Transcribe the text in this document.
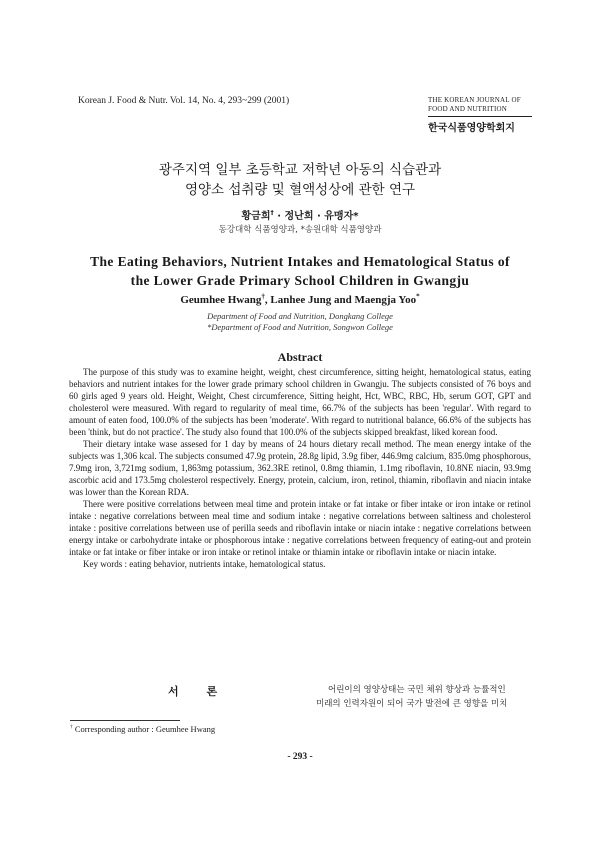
Korean J. Food & Nutr. Vol. 14, No. 4, 293~299 (2001)	THE KOREAN JOURNAL OF
FOOD AND NUTRITION
한국식품영양학회지
광주지역 일부 초등학교 저학년 아동의 식습관과
영양소 섭취량 및 혈액성상에 관한 연구
황금희† · 정난희 · 유맹자*
동강대학 식품영양과, *송원대학 식품영양과
The Eating Behaviors, Nutrient Intakes and Hematological Status of
the Lower Grade Primary School Children in Gwangju
Geumhee Hwang†, Lanhee Jung and Maengja Yoo*
Department of Food and Nutrition, Dongkang College
*Department of Food and Nutrition, Songwon College
Abstract

The purpose of this study was to examine height, weight, chest circumference, sitting height, hematological status, eating behaviors and nutrient intakes for the lower grade primary school children in Gwangju. The subjects consisted of 76 boys and 60 girls aged 9 years old. Height, Weight, Chest circumference, Sitting height, Hct, WBC, RBC, Hb, serum GOT, GPT and cholesterol were measured. With regard to regularity of meal time, 66.7% of the subjects has been 'regular'. With regard to amount of eaten food, 100.0% of the subjects has been 'moderate'. With regard to nutritional balance, 66.6% of the subjects has been 'think, but do not practice'. The study also found that 100.0% of the subjects skipped breakfast, liked korean food.

Their dietary intake wase assesed for 1 day by means of 24 hours dietary recall method. The mean energy intake of the subjects was 1,306 kcal. The subjects consumed 47.9g protein, 28.8g lipid, 3.9g fiber, 446.9mg calcium, 835.0mg phosphorous, 7.9mg iron, 3,721mg sodium, 1,863mg potassium, 362.3RE retinol, 0.8mg thiamin, 1.1mg riboflavin, 10.8NE niacin, 93.9mg ascorbic acid and 173.5mg cholesterol respectively. Energy, protein, calcium, iron, retinol, thiamin, riboflavin and niacin intake was lower than the Korean RDA.

There were positive correlations between meal time and protein intake or fat intake or fiber intake or iron intake or retinol intake : negative correlations between meal time and sodium intake : negative correlations between saltiness and cholesterol intake : positive correlations between use of perilla seeds and riboflavin intake or niacin intake : negative correlations between energy intake or carbohydrate intake or phosphorous intake : negative correlations between frequency of eating-out and protein intake or fat intake or fiber intake or iron intake or retinol intake or thiamin intake or riboflavin intake or niacin intake.

Key words : eating behavior, nutrients intake, hematological status.

서 론	어린이의 영양상태는 국민 체위 향상과 능률적인
미래의 인력자원이 되어 국가 발전에 큰 영향을 미치
† Corresponding author : Geumhee Hwang
- 293 -
